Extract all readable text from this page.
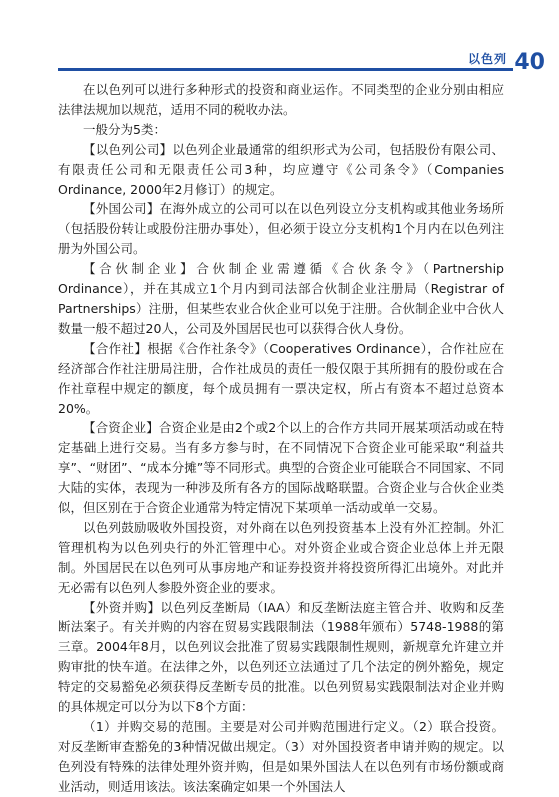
以色列 40

在以色列可以进行多种形式的投资和商业运作。不同类型的企业分别由相应法律法规加以规范，适用不同的税收办法。

一般分为5类：

【以色列公司】以色列企业最通常的组织形式为公司，包括股份有限公司、有限责任公司和无限责任公司3种，均应遵守《公司条令》（Companies Ordinance, 2000年2月修订）的规定。

【外国公司】在海外成立的公司可以在以色列设立分支机构或其他业务场所（包括股份转让或股份注册办事处），但必须于设立分支机构1个月内在以色列注册为外国公司。

【合伙制企业】合伙制企业需遵循《合伙条令》（Partnership Ordinance），并在其成立1个月内到司法部合伙制企业注册局（Registrar of Partnerships）注册，但某些农业合伙企业可以免于注册。合伙制企业中合伙人数量一般不超过20人，公司及外国居民也可以获得合伙人身份。

【合作社】根据《合作社条令》（Cooperatives Ordinance），合作社应在经济部合作社注册局注册，合作社成员的责任一般仅限于其所拥有的股份或在合作社章程中规定的额度，每个成员拥有一票决定权，所占有资本不超过总资本20%。

【合资企业】合资企业是由2个或2个以上的合作方共同开展某项活动或在特定基础上进行交易。当有多方参与时，在不同情况下合资企业可能采取“利益共享”、“财团”、“成本分摊”等不同形式。典型的合资企业可能联合不同国家、不同大陆的实体，表现为一种涉及所有各方的国际战略联盟。合资企业与合伙企业类似，但区别在于合资企业通常为特定情况下某项单一活动或单一交易。

以色列鼓励吸收外国投资，对外商在以色列投资基本上没有外汇控制。外汇管理机构为以色列央行的外汇管理中心。对外资企业或合资企业总体上并无限制。外国居民在以色列可从事房地产和证券投资并将投资所得汇出境外。对此并无必需有以色列人参股外资企业的要求。

【外资并购】以色列反垄断局（IAA）和反垄断法庭主管合并、收购和反垄断法案子。有关并购的内容在贸易实践限制法（1988年颁布）5748-1988的第三章。2004年8月，以色列议会批准了贸易实践限制性规则，新规章允许建立并购审批的快车道。在法律之外，以色列还立法通过了几个法定的例外豁免，规定特定的交易豁免必须获得反垄断专员的批准。以色列贸易实践限制法对企业并购的具体规定可以分为以下8个方面：

（1）并购交易的范围。主要是对公司并购范围进行定义。（2）联合投资。对反垄断审查豁免的3种情况做出规定。（3）对外国投资者申请并购的规定。以色列没有特殊的法律处理外资并购，但是如果外国法人在以色列有市场份额或商业活动，则适用该法。该法案确定如果一个外国法人
